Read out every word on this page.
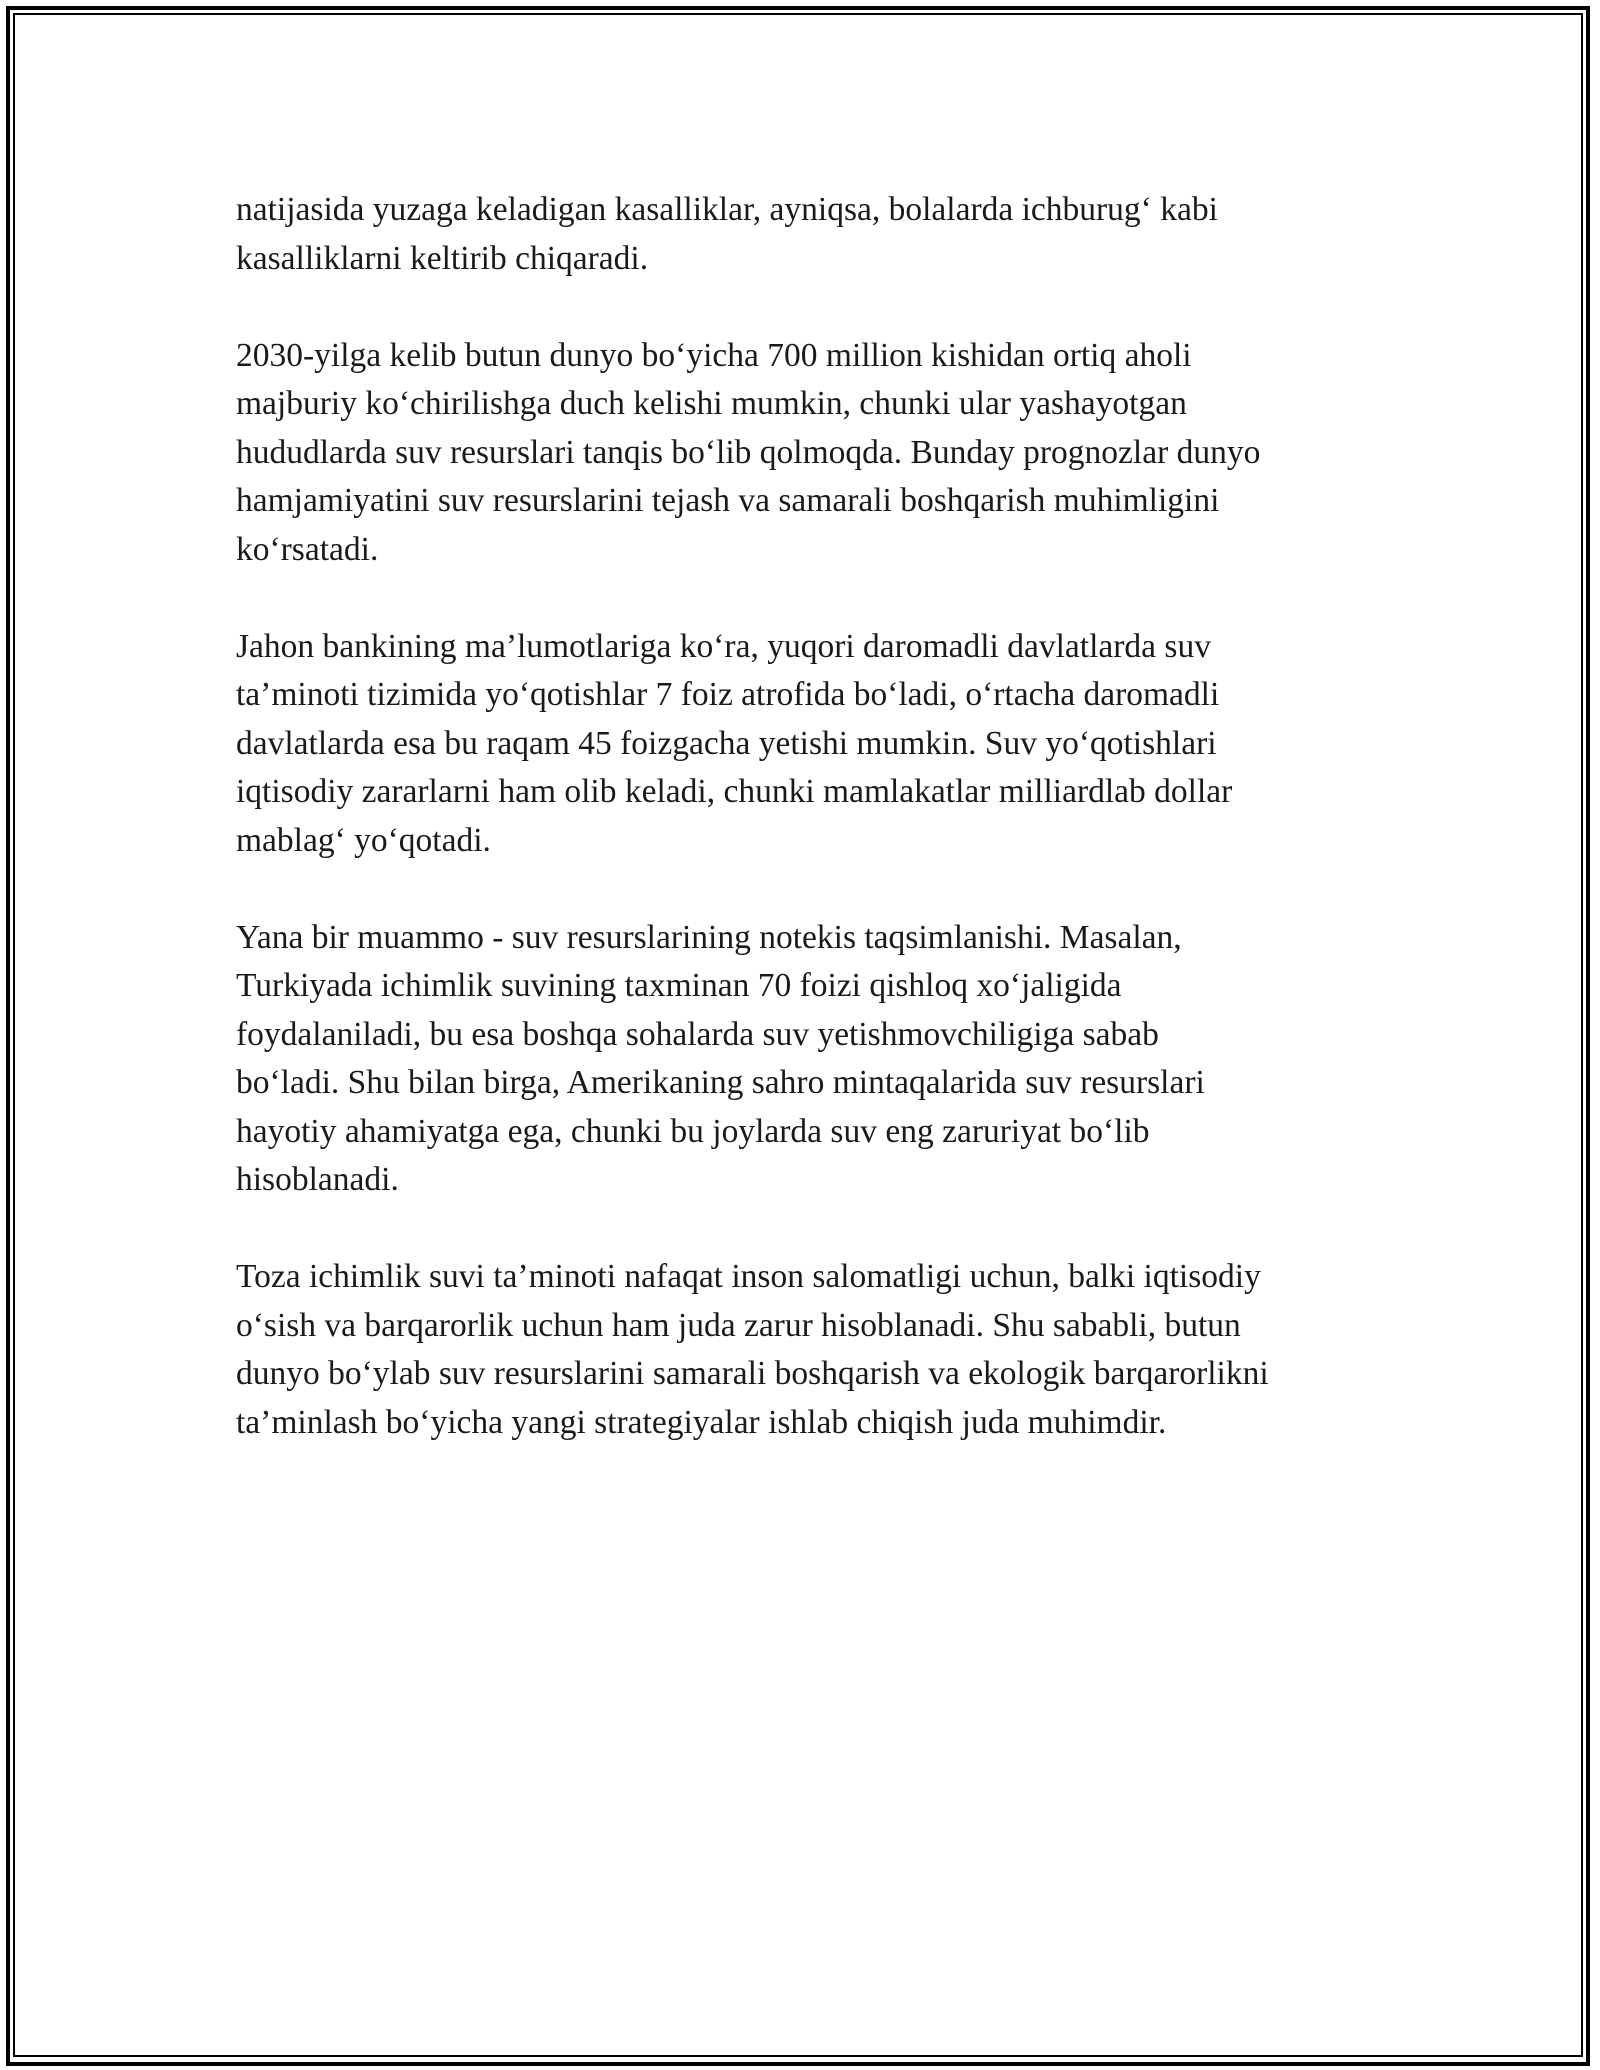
natijasida yuzaga keladigan kasalliklar, ayniqsa, bolalarda ichburug‘ kabi
kasalliklarni keltirib chiqaradi.

2030-yilga kelib butun dunyo bo‘yicha 700 million kishidan ortiq aholi
majburiy ko‘chirilishga duch kelishi mumkin, chunki ular yashayotgan
hududlarda suv resurslari tanqis bo‘lib qolmoqda. Bunday prognozlar dunyo
hamjamiyatini suv resurslarini tejash va samarali boshqarish muhimligini
ko‘rsatadi.

Jahon bankining ma’lumotlariga ko‘ra, yuqori daromadli davlatlarda suv
ta’minoti tizimida yo‘qotishlar 7 foiz atrofida bo‘ladi, o‘rtacha daromadli
davlatlarda esa bu raqam 45 foizgacha yetishi mumkin. Suv yo‘qotishlari
iqtisodiy zararlarni ham olib keladi, chunki mamlakatlar milliardlab dollar
mablag‘ yo‘qotadi.

Yana bir muammo - suv resurslarining notekis taqsimlanishi. Masalan,
Turkiyada ichimlik suvining taxminan 70 foizi qishloq xo‘jaligida
foydalaniladi, bu esa boshqa sohalarda suv yetishmovchiligiga sabab
bo‘ladi. Shu bilan birga, Amerikaning sahro mintaqalarida suv resurslari
hayotiy ahamiyatga ega, chunki bu joylarda suv eng zaruriyat bo‘lib
hisoblanadi.

Toza ichimlik suvi ta’minoti nafaqat inson salomatligi uchun, balki iqtisodiy
o‘sish va barqarorlik uchun ham juda zarur hisoblanadi. Shu sababli, butun
dunyo bo‘ylab suv resurslarini samarali boshqarish va ekologik barqarorlikni
ta’minlash bo‘yicha yangi strategiyalar ishlab chiqish juda muhimdir.
